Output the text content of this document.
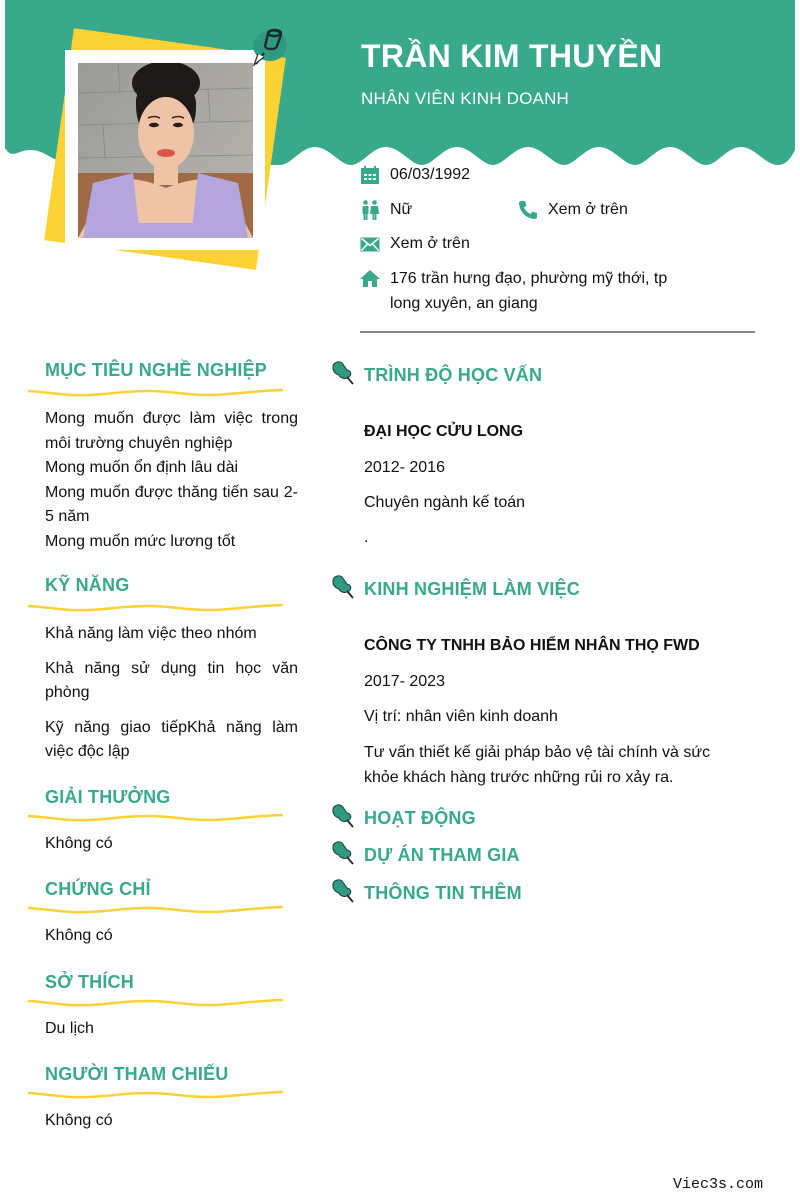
TRẦN KIM THUYỀN
NHÂN VIÊN KINH DOANH
06/03/1992
Nữ	Xem ở trên
Xem ở trên
176 trần hưng đạo, phường mỹ thới, tp
long xuyên, an giang
MỤC TIÊU NGHỀ NGHIỆP

Mong muốn được làm việc trong môi trường chuyên nghiệp

Mong muốn ổn định lâu dài

Mong muốn được thăng tiến sau 2-5 năm

Mong muốn mức lương tốt

KỸ NĂNG

Khả năng làm việc theo nhóm

Khả năng sử dụng tin học văn phòng

Kỹ năng giao tiếpKhả năng làm việc độc lập

GIẢI THƯỞNG

Không có

CHỨNG CHỈ

Không có

SỞ THÍCH

Du lịch

NGƯỜI THAM CHIẾU

Không có

TRÌNH ĐỘ HỌC VẤN
ĐẠI HỌC CỬU LONG
2012- 2016
Chuyên ngành kế toán
.
KINH NGHIỆM LÀM VIỆC
CÔNG TY TNHH BẢO HIỂM NHÂN THỌ FWD
2017- 2023
Vị trí: nhân viên kinh doanh
Tư vấn thiết kế giải pháp bảo vệ tài chính và sức khỏe khách hàng trước những rủi ro xảy ra.
HOẠT ĐỘNG
DỰ ÁN THAM GIA
THÔNG TIN THÊM
Viec3s.com
